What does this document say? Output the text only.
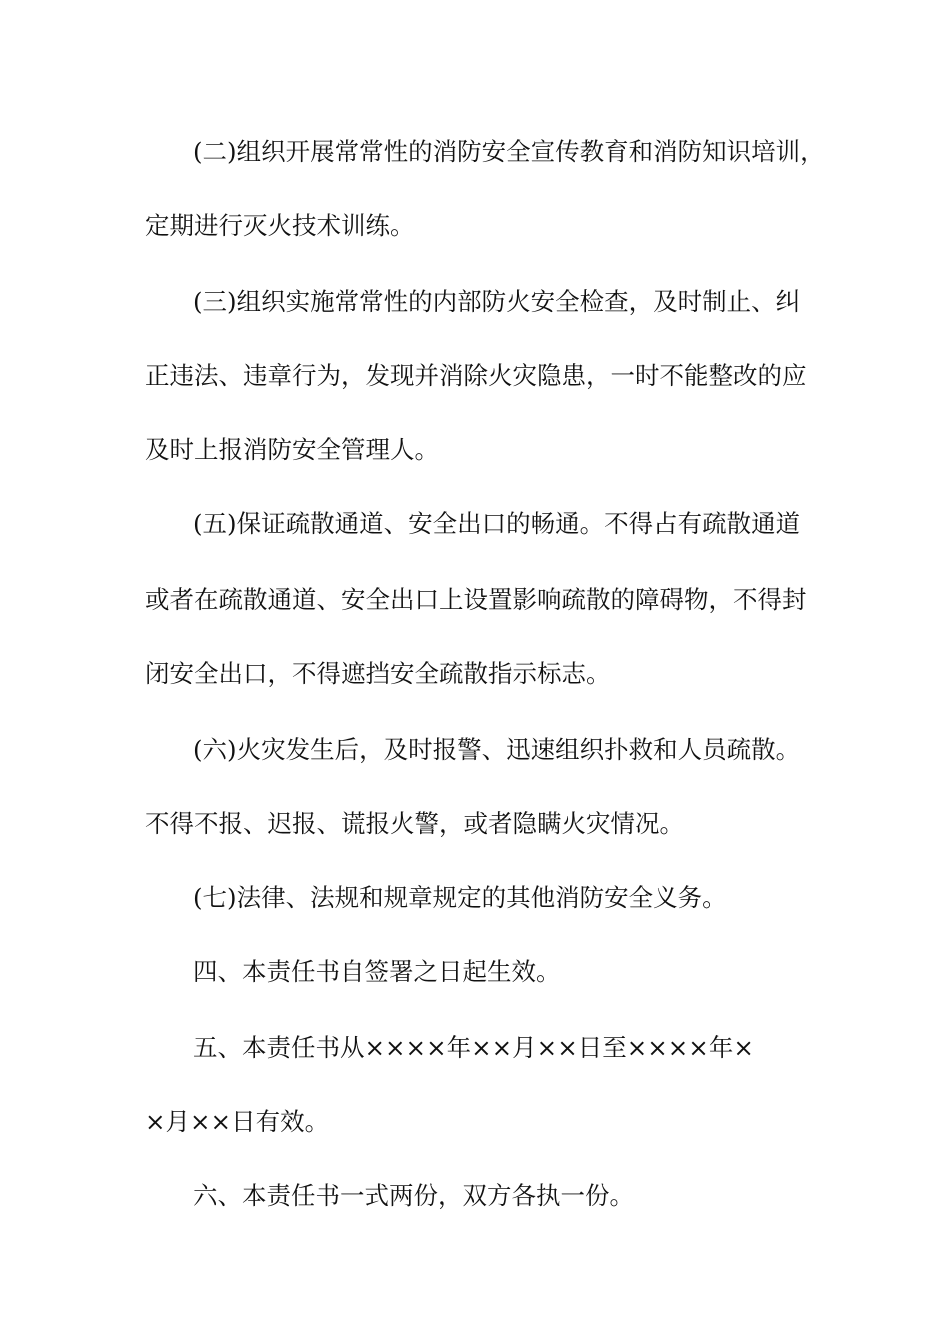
(二)组织开展常常性的消防安全宣传教育和消防知识培训，
定期进行灭火技术训练。
(三)组织实施常常性的内部防火安全检查，及时制止、纠
正违法、违章行为，发现并消除火灾隐患，一时不能整改的应
及时上报消防安全管理人。
(五)保证疏散通道、安全出口的畅通。不得占有疏散通道
或者在疏散通道、安全出口上设置影响疏散的障碍物，不得封
闭安全出口，不得遮挡安全疏散指示标志。
(六)火灾发生后，及时报警、迅速组织扑救和人员疏散。
不得不报、迟报、谎报火警，或者隐瞒火灾情况。
(七)法律、法规和规章规定的其他消防安全义务。
四、本责任书自签署之日起生效。
五、本责任书从××××年××月××日至××××年×
×月××日有效。
六、本责任书一式两份，双方各执一份。
